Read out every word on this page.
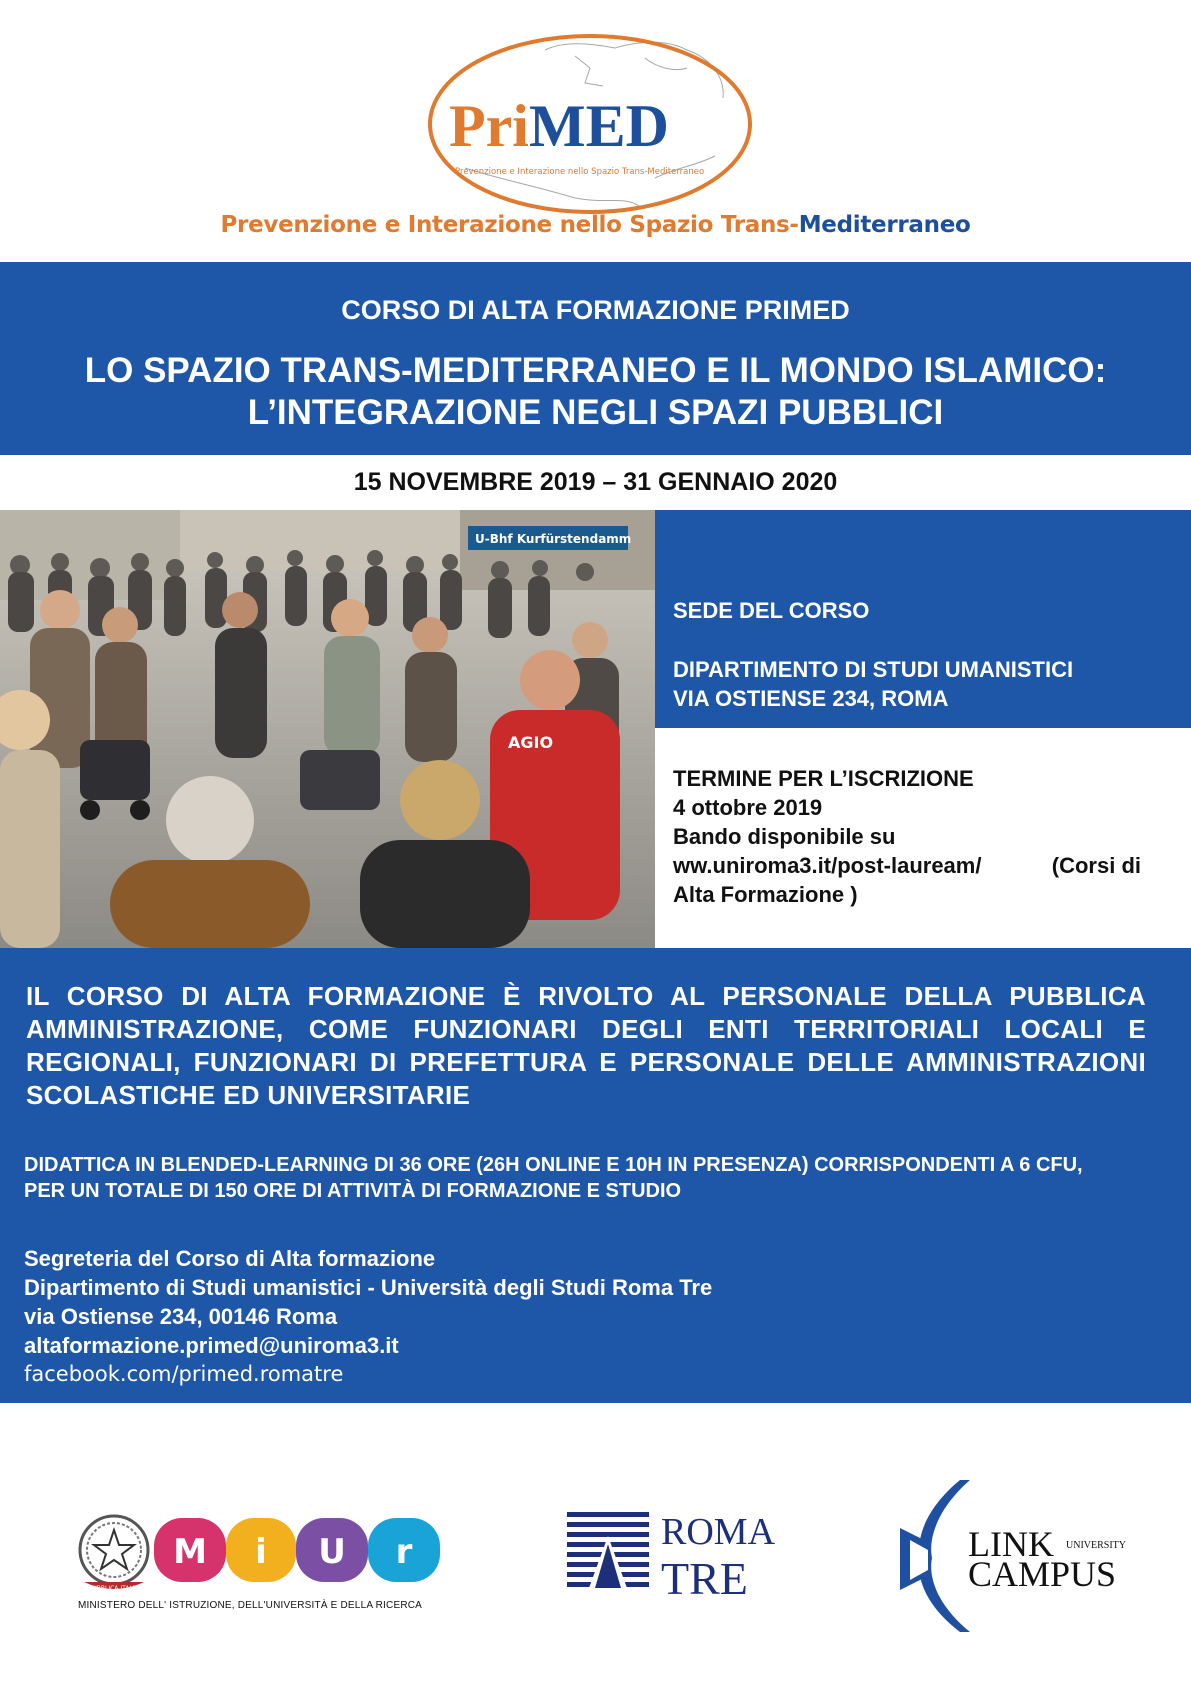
PriMED
Prevenzione e Interazione nello Spazio Trans-Mediterraneo
Prevenzione e Interazione nello Spazio Trans-Mediterraneo
CORSO DI ALTA FORMAZIONE PRIMED
LO SPAZIO TRANS-MEDITERRANEO E IL MONDO ISLAMICO:
L’INTEGRAZIONE NEGLI SPAZI PUBBLICI
15 NOVEMBRE 2019 – 31 GENNAIO 2020
U-Bhf Kurfürstendamm
AGIO
SEDE DEL CORSO
DIPARTIMENTO DI STUDI UMANISTICI
VIA OSTIENSE 234, ROMA
TERMINE PER L’ISCRIZIONE
4 ottobre 2019
Bando disponibile su
ww.uniroma3.it/post-lauream/	(Corsi di
Alta Formazione )
IL CORSO DI ALTA FORMAZIONE È RIVOLTO AL PERSONALE DELLA PUBBLICA AMMINISTRAZIONE, COME FUNZIONARI DEGLI ENTI TERRITORIALI LOCALI E REGIONALI, FUNZIONARI DI PREFETTURA E PERSONALE DELLE AMMINISTRAZIONI SCOLASTICHE ED UNIVERSITARIE
DIDATTICA IN BLENDED-LEARNING DI 36 ORE (26H ONLINE E 10H IN PRESENZA) CORRISPONDENTI A 6 CFU,
PER UN TOTALE DI 150 ORE DI ATTIVITÀ DI FORMAZIONE E STUDIO
Segreteria del Corso di Alta formazione
Dipartimento di Studi umanistici - Università degli Studi Roma Tre
via Ostiense 234, 00146 Roma
altaformazione.primed@uniroma3.it
facebook.com/primed.romatre
REPUBBLICA ITALIANA
M i U r
MINISTERO DELL' ISTRUZIONE, DELL'UNIVERSITÀ E DELLA RICERCA
ROMA
TRE
LINK UNIVERSITY
CAMPUS
